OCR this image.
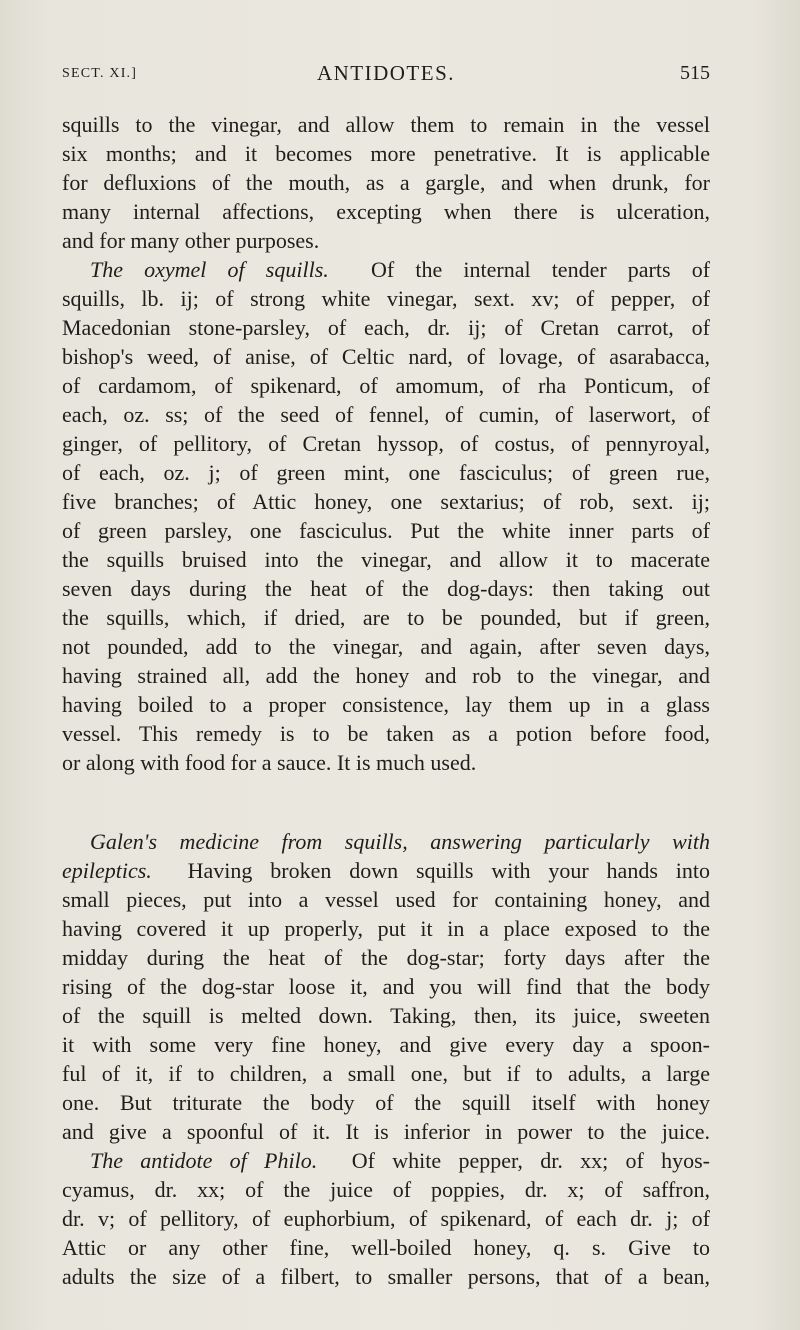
SECT. XI.]	ANTIDOTES.	515
squills to the vinegar, and allow them to remain in the vessel
six months; and it becomes more penetrative. It is applicable
for defluxions of the mouth, as a gargle, and when drunk, for
many internal affections, excepting when there is ulceration,
and for many other purposes.
The oxymel of squills. Of the internal tender parts of
squills, lb. ij; of strong white vinegar, sext. xv; of pepper, of
Macedonian stone-parsley, of each, dr. ij; of Cretan carrot, of
bishop's weed, of anise, of Celtic nard, of lovage, of asarabacca,
of cardamom, of spikenard, of amomum, of rha Ponticum, of
each, oz. ss; of the seed of fennel, of cumin, of laserwort, of
ginger, of pellitory, of Cretan hyssop, of costus, of pennyroyal,
of each, oz. j; of green mint, one fasciculus; of green rue,
five branches; of Attic honey, one sextarius; of rob, sext. ij;
of green parsley, one fasciculus. Put the white inner parts of
the squills bruised into the vinegar, and allow it to macerate
seven days during the heat of the dog-days: then taking out
the squills, which, if dried, are to be pounded, but if green,
not pounded, add to the vinegar, and again, after seven days,
having strained all, add the honey and rob to the vinegar, and
having boiled to a proper consistence, lay them up in a glass
vessel. This remedy is to be taken as a potion before food,
or along with food for a sauce. It is much used.
Galen's medicine from squills, answering particularly with
epileptics. Having broken down squills with your hands into
small pieces, put into a vessel used for containing honey, and
having covered it up properly, put it in a place exposed to the
midday during the heat of the dog-star; forty days after the
rising of the dog-star loose it, and you will find that the body
of the squill is melted down. Taking, then, its juice, sweeten
it with some very fine honey, and give every day a spoon-
ful of it, if to children, a small one, but if to adults, a large
one. But triturate the body of the squill itself with honey
and give a spoonful of it. It is inferior in power to the juice.
The antidote of Philo. Of white pepper, dr. xx; of hyos-
cyamus, dr. xx; of the juice of poppies, dr. x; of saffron,
dr. v; of pellitory, of euphorbium, of spikenard, of each dr. j; of
Attic or any other fine, well-boiled honey, q. s. Give to
adults the size of a filbert, to smaller persons, that of a bean,
